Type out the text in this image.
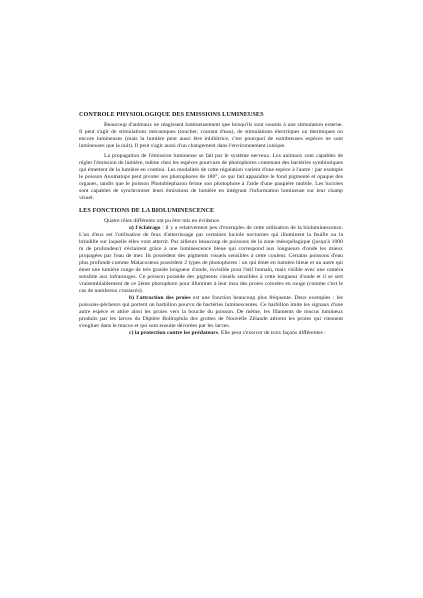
CONTROLE PHYSIOLOGIQUE DES EMISSIONS LUMINEUSES

Beaucoup d'animaux ne réagissent lumineusement que lorsqu'ils sont soumis à une stimulation externe. Il peut s'agir de stimulations mécaniques (toucher, courant d'eau), de stimulations électriques ou thermiques ou encore lumineuses (mais la lumière peut aussi être inhibitrice, c'est pourquoi de nombreuses espèces ne sont lumineuses que la nuit). Il peut s'agir aussi d'un changement dans l'environnement ionique.

La propagation de l'émission lumineuse se fait par le système nerveux. Les animaux sont capables de régler l'émission de lumière, même chez les espèces pourvues de photophores contenant des bactéries symbiotiques qui émettent de la lumière en continu. Les modalités de cette régulation varient d'une espèce à l'autre : par exemple le poisson Anomalops peut pivoter ses photophores de 180°, ce qui fait apparaître le fond pigmenté et opaque des organes, tandis que le poisson Photoblepharon ferme son photophore à l'aide d'une paupière mobile. Les lucioles sont capables de synchroniser leurs émissions de lumière en intégrant l'information lumineuse sur leur champ visuel.

LES FONCTIONS DE LA BIOLUMINESCENCE

Quatre rôles différents ont pu être mis en évidence.

a) l'éclairage : il y a relativement peu d'exemples de cette utilisation de la bioluminescence. L'un d'eux est l'utilisation de feux d'atterrissage par certaines luciole nocturnes qui illuminent la feuille ou la brindille sur laquelle elles vont atterrir. Par ailleurs beaucoup de poissons de la zone mésopélagique (jusqu'à 1000 m de profondeur) s'éclairent grâce à une luminescence bleue qui correspond aux longueurs d'onde les mieux propagées par l'eau de mer. Ils possèdent des pigments visuels sensibles à cette couleur. Certains poissons d'eau plus profonde comme Malacosteus possèdent 2 types de photophores : un qui émet en lumière bleue et un autre qui émet une lumière rouge de très grande longueur d'onde, invisible pour l'œil humain, mais visible avec une caméra sensible aux infrarouges. Ce poisson possède des pigments visuels sensibles à cette longueur d'onde et il se sert vraisemblablement de ce 2ème photophore pour illuminer à leur insu des proies colorées en rouge (comme c'est le cas de nombreux crustacés).

b) l'attraction des proies est une fonction beaucoup plus fréquente. Deux exemples : les poissons-pêcheurs qui portent un barbillon pourvu de bactéries luminescentes. Ce barbillon imite les signaux d'une autre espèce et attire ainsi les proies vers la bouche du poisson. De même, les filaments de mucus lumineux produits par les larves du Diptère Bolitophila des grottes de Nouvelle Zélande attirent les proies qui viennent s'engluer dans le mucus et qui sont ensuite dévorées par les larves.

c) la protection contre les prédateurs. Elle peut s'exercer de trois façons différentes :
